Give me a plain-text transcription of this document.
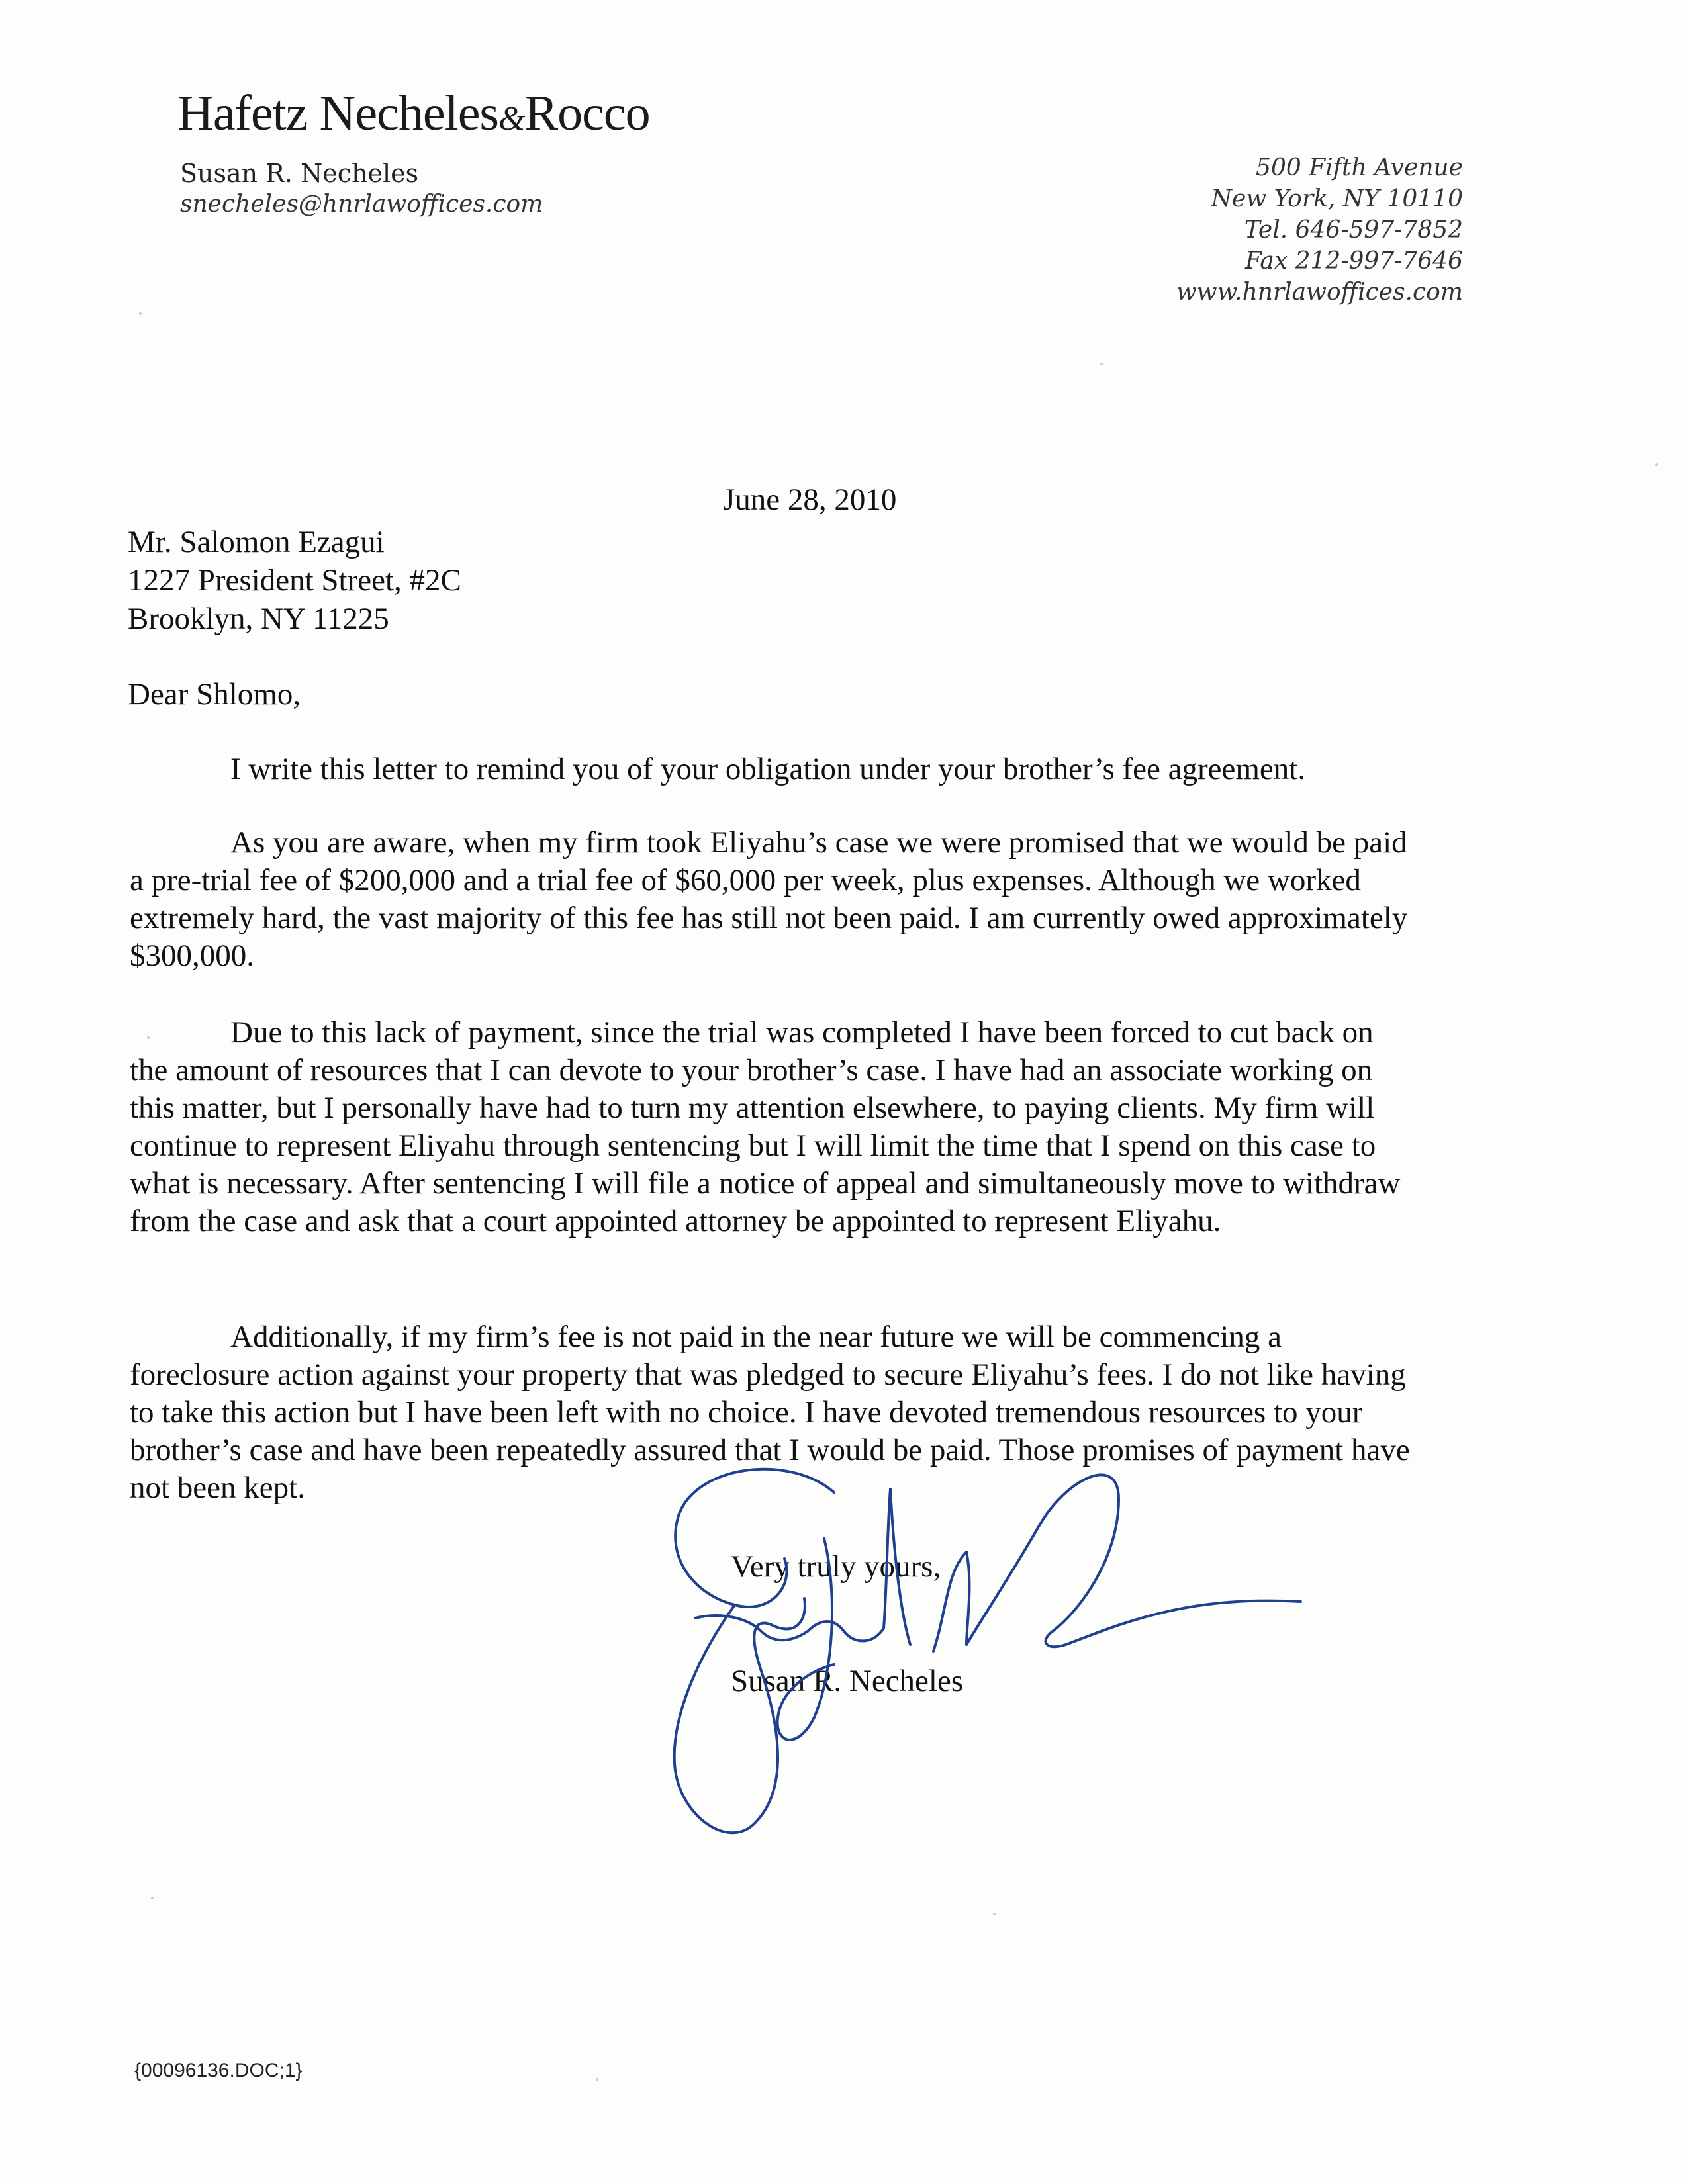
Hafetz Necheles&Rocco
Susan R. Necheles
snecheles@hnrlawoffices.com
500 Fifth Avenue
New York, NY 10110
Tel. 646-597-7852
Fax 212-997-7646
www.hnrlawoffices.com
June 28, 2010
Mr. Salomon Ezagui
1227 President Street, #2C
Brooklyn, NY 11225
Dear Shlomo,

I write this letter to remind you of your obligation under your brother’s fee agreement.

As you are aware, when my firm took Eliyahu’s case we were promised that we would be paid a pre-trial fee of $200,000 and a trial fee of $60,000 per week, plus expenses. Although we worked extremely hard, the vast majority of this fee has still not been paid. I am currently owed approximately $300,000.

Due to this lack of payment, since the trial was completed I have been forced to cut back on the amount of resources that I can devote to your brother’s case. I have had an associate working on this matter, but I personally have had to turn my attention elsewhere, to paying clients. My firm will continue to represent Eliyahu through sentencing but I will limit the time that I spend on this case to what is necessary. After sentencing I will file a notice of appeal and simultaneously move to withdraw from the case and ask that a court appointed attorney be appointed to represent Eliyahu.

Additionally, if my firm’s fee is not paid in the near future we will be commencing a foreclosure action against your property that was pledged to secure Eliyahu’s fees. I do not like having to take this action but I have been left with no choice. I have devoted tremendous resources to your brother’s case and have been repeatedly assured that I would be paid. Those promises of payment have not been kept.

Very truly yours,
Susan R. Necheles
{00096136.DOC;1}
